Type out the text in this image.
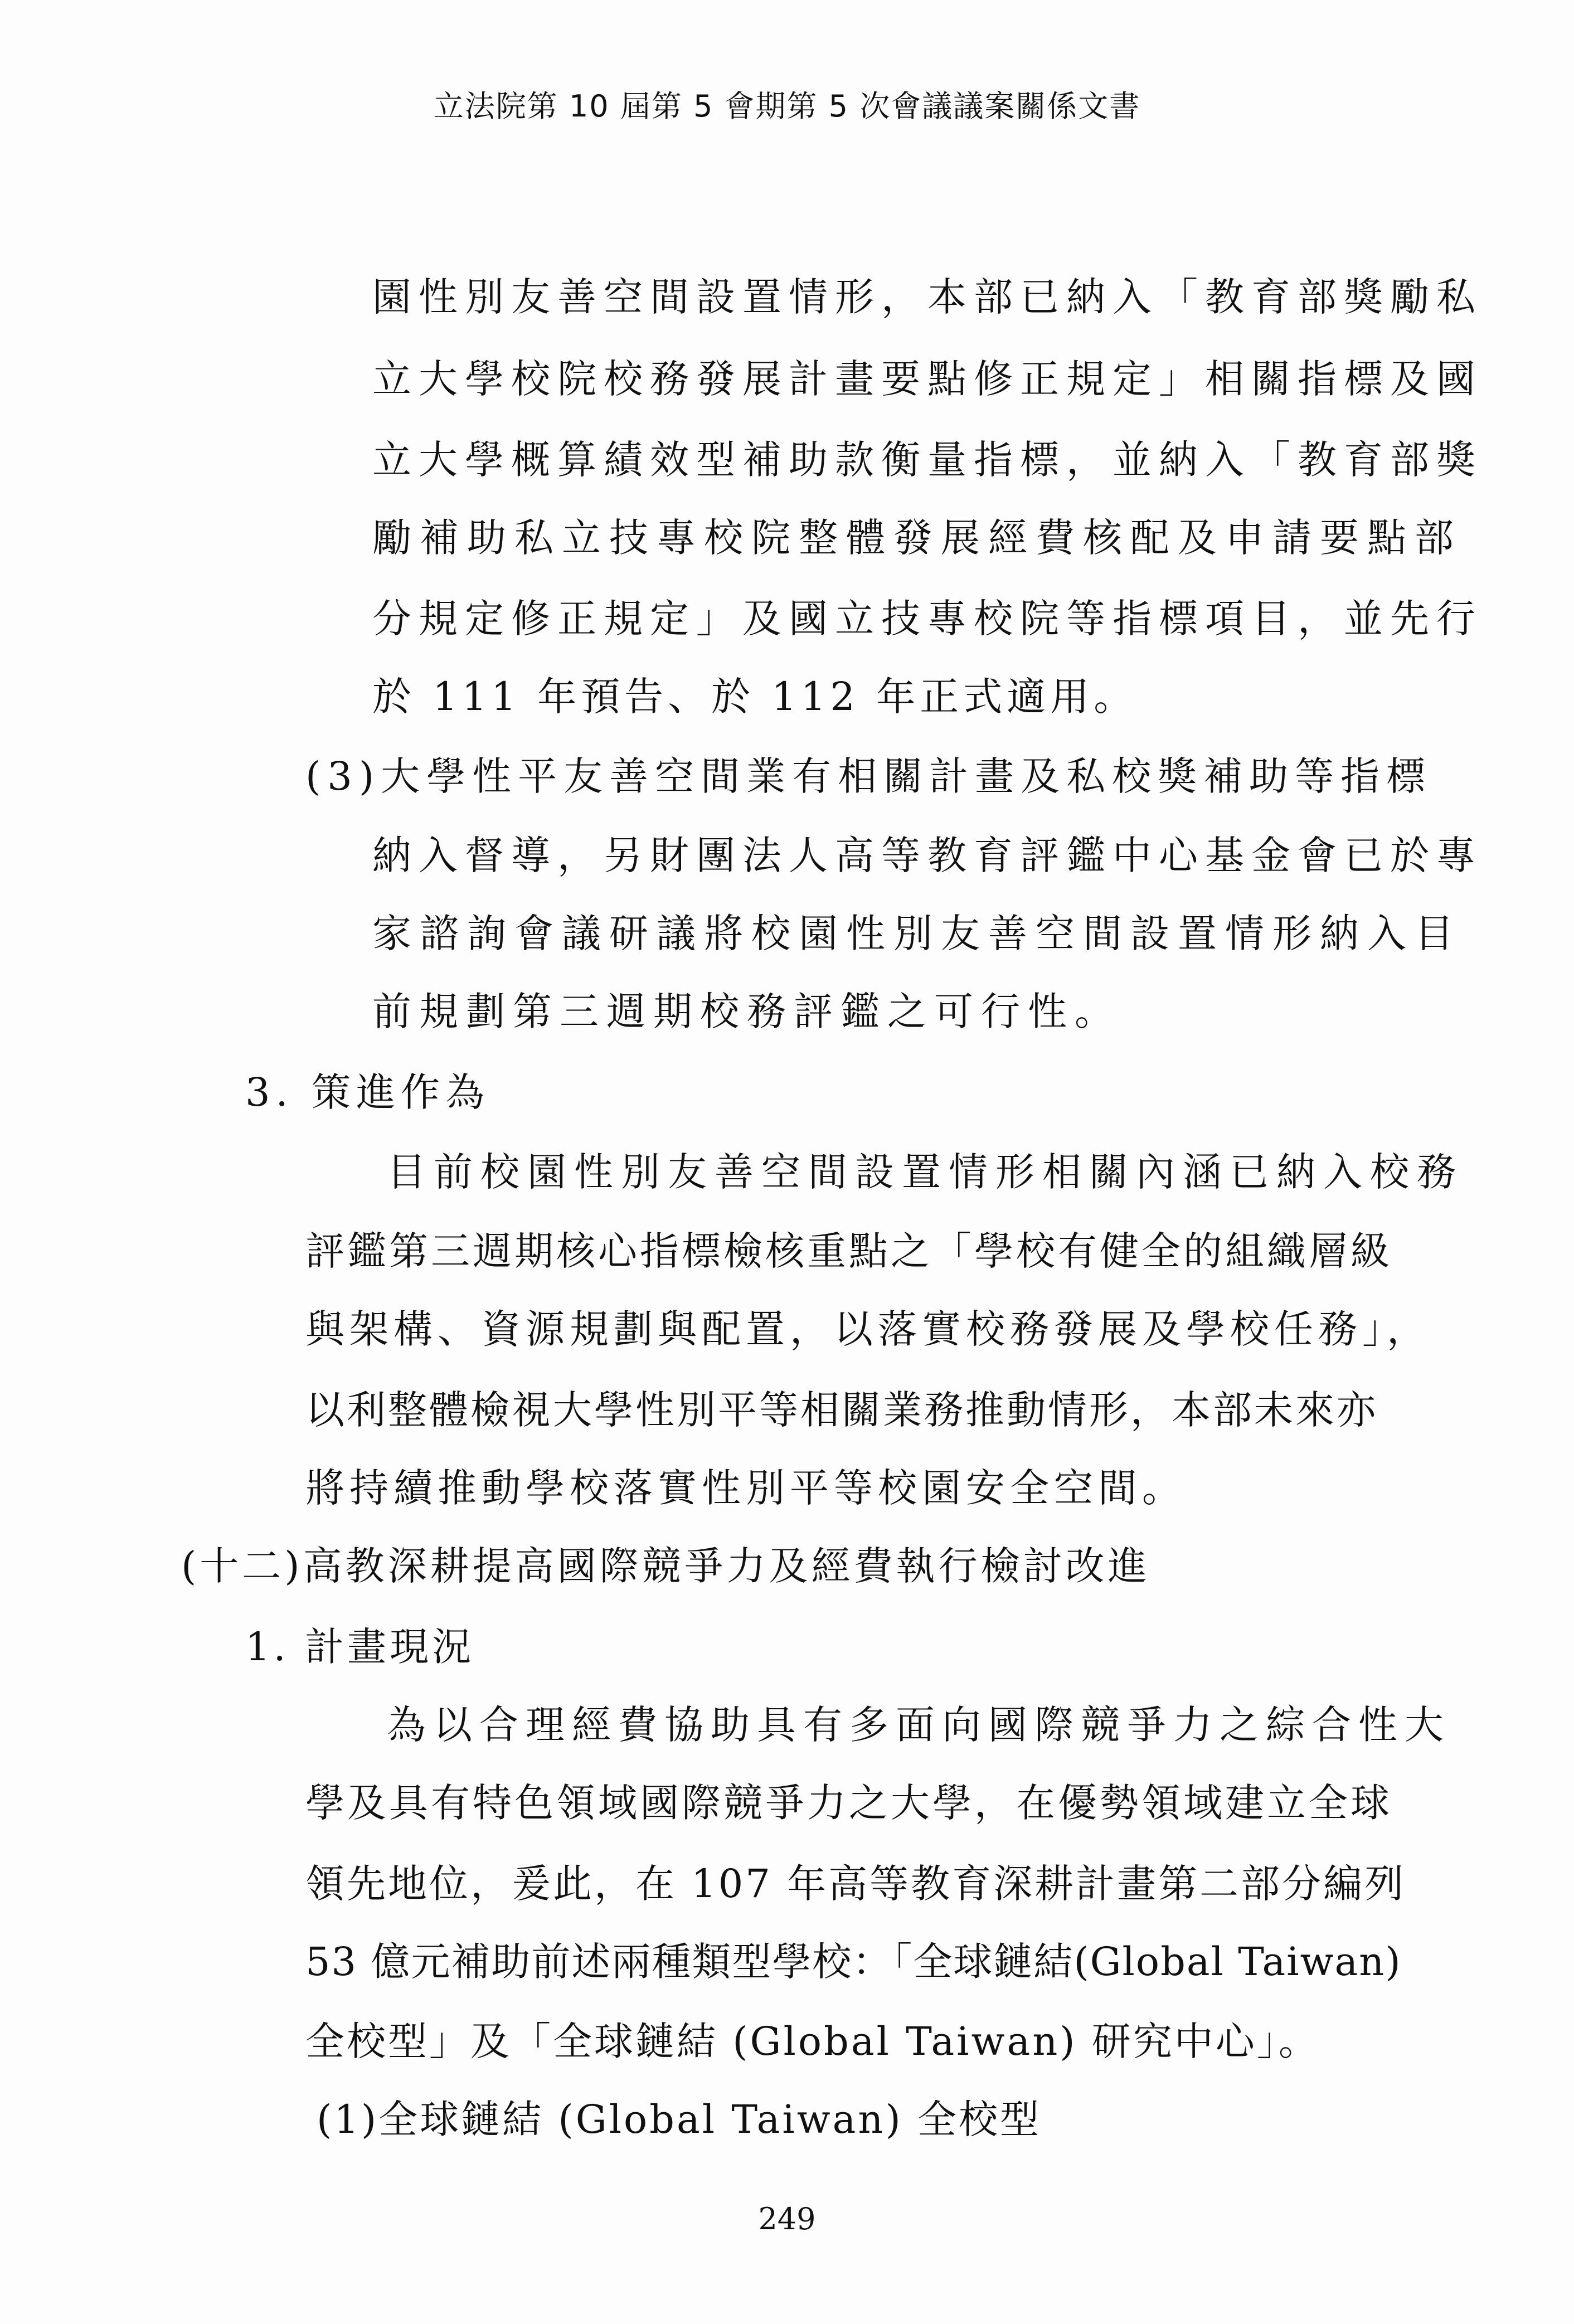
立法院第 10 屆第 5 會期第 5 次會議議案關係文書
園性別友善空間設置情形，本部已納入「教育部獎勵私
立大學校院校務發展計畫要點修正規定」相關指標及國
立大學概算績效型補助款衡量指標，並納入「教育部獎
勵補助私立技專校院整體發展經費核配及申請要點部
分規定修正規定」及國立技專校院等指標項目，並先行
於 111 年預告、於 112 年正式適用。
(3)大學性平友善空間業有相關計畫及私校獎補助等指標
納入督導，另財團法人高等教育評鑑中心基金會已於專
家諮詢會議研議將校園性別友善空間設置情形納入目
前規劃第三週期校務評鑑之可行性。
3. 策進作為
目前校園性別友善空間設置情形相關內涵已納入校務
評鑑第三週期核心指標檢核重點之「學校有健全的組織層級
與架構、資源規劃與配置，以落實校務發展及學校任務」，
以利整體檢視大學性別平等相關業務推動情形，本部未來亦
將持續推動學校落實性別平等校園安全空間。
(十二)高教深耕提高國際競爭力及經費執行檢討改進
1. 計畫現況
為以合理經費協助具有多面向國際競爭力之綜合性大
學及具有特色領域國際競爭力之大學，在優勢領域建立全球
領先地位，爰此，在 107 年高等教育深耕計畫第二部分編列
53 億元補助前述兩種類型學校：「全球鏈結(Global Taiwan)
全校型」及「全球鏈結 (Global Taiwan) 研究中心」。
(1)全球鏈結 (Global Taiwan) 全校型
249
